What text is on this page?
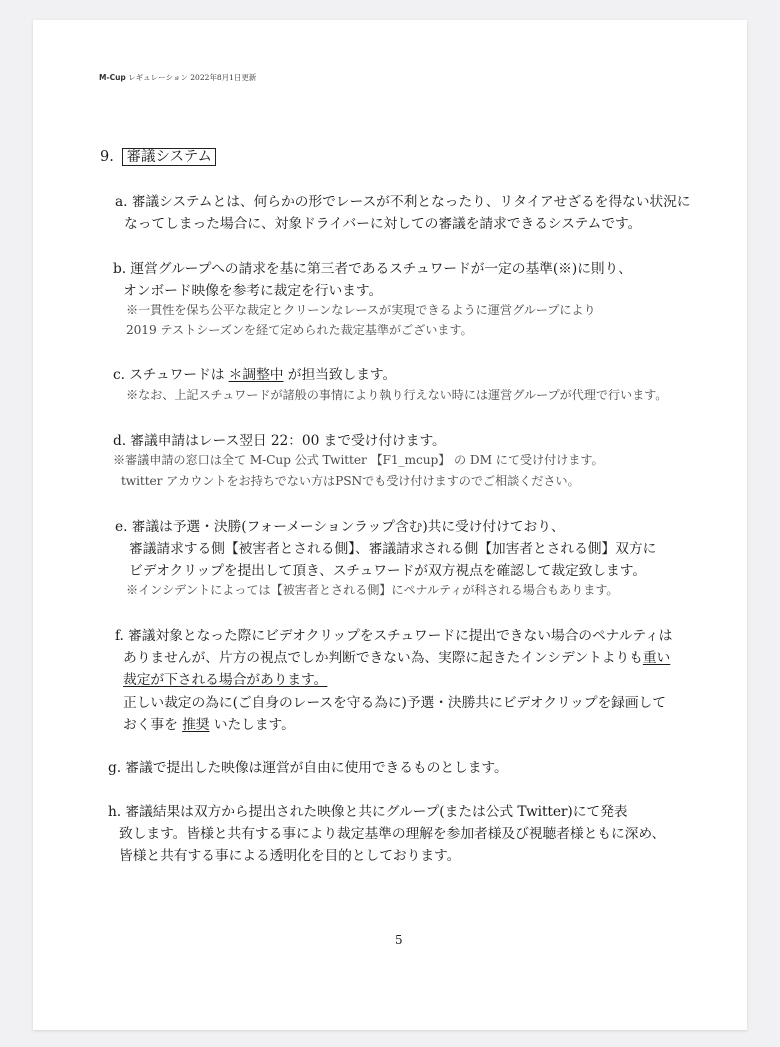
M-Cup レギュレーション 2022年8月1日更新
9. 審議システム
a. 審議システムとは、何らかの形でレースが不利となったり、リタイアせざるを得ない状況に
なってしまった場合に、対象ドライバーに対しての審議を請求できるシステムです。
b. 運営グループへの請求を基に第三者であるスチュワードが一定の基準(※)に則り、
オンボード映像を参考に裁定を行います。
※一貫性を保ち公平な裁定とクリーンなレースが実現できるように運営グループにより
2019 テストシーズンを経て定められた裁定基準がございます。
c. スチュワードは ＊調整中 が担当致します。
※なお、上記スチュワードが諸般の事情により執り行えない時には運営グループが代理で行います。
d. 審議申請はレース翌日 22：00 まで受け付けます。
※審議申請の窓口は全て M-Cup 公式 Twitter 【F1_mcup】 の DM にて受け付けます。
twitter アカウントをお持ちでない方はPSNでも受け付けますのでご相談ください。
e. 審議は予選・決勝(フォーメーションラップ含む)共に受け付けており、
審議請求する側【被害者とされる側】、審議請求される側【加害者とされる側】双方に
ビデオクリップを提出して頂き、スチュワードが双方視点を確認して裁定致します。
※インシデントによっては【被害者とされる側】にペナルティが科される場合もあります。
f. 審議対象となった際にビデオクリップをスチュワードに提出できない場合のペナルティは
ありませんが、片方の視点でしか判断できない為、実際に起きたインシデントよりも重い
裁定が下される場合があります。
正しい裁定の為に(ご自身のレースを守る為に)予選・決勝共にビデオクリップを録画して
おく事を 推奨 いたします。
g. 審議で提出した映像は運営が自由に使用できるものとします。
h. 審議結果は双方から提出された映像と共にグループ(または公式 Twitter)にて発表
致します。皆様と共有する事により裁定基準の理解を参加者様及び視聴者様ともに深め、
皆様と共有する事による透明化を目的としております。
5
